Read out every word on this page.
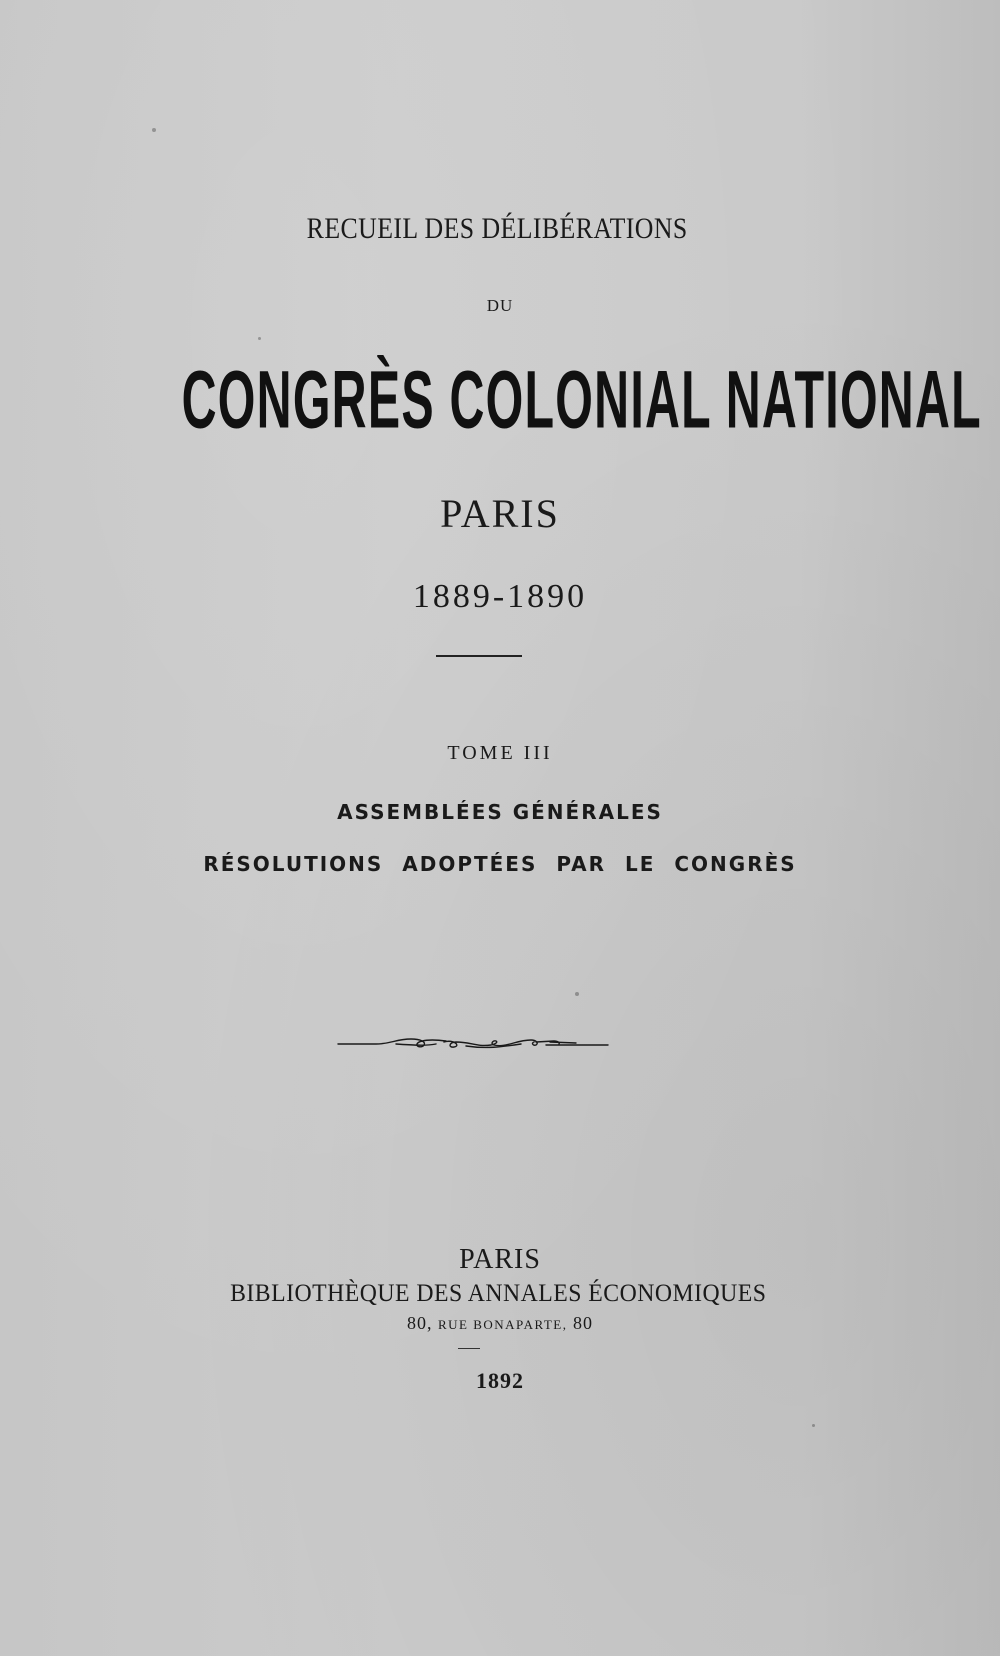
RECUEIL DES DÉLIBÉRATIONS
DU
CONGRÈS COLONIAL NATIONAL
PARIS
1889-1890
TOME III
ASSEMBLÉES GÉNÉRALES
RÉSOLUTIONS ADOPTÉES PAR LE CONGRÈS
PARIS
BIBLIOTHÈQUE DES ANNALES ÉCONOMIQUES
80, RUE BONAPARTE, 80
1892
